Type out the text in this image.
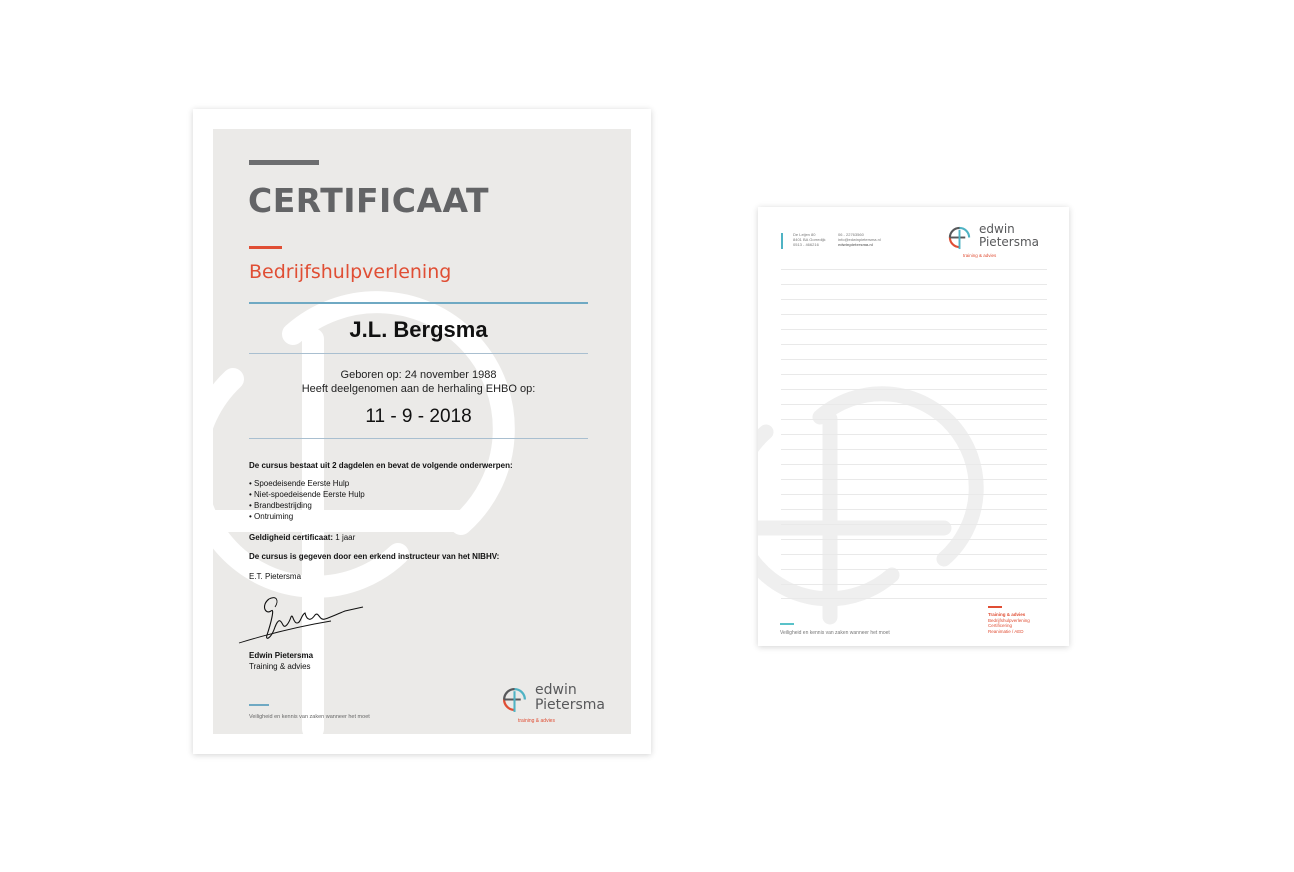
CERTIFICAAT
Bedrijfshulpverlening
J.L. Bergsma
Geboren op: 24 november 1988
Heeft deelgenomen aan de herhaling EHBO op:
11 - 9 - 2018
De cursus bestaat uit 2 dagdelen en bevat de volgende onderwerpen:
• Spoedeisende Eerste Hulp
• Niet-spoedeisende Eerste Hulp
• Brandbestrijding
• Ontruiming
Geldigheid certificaat: 1 jaar
De cursus is gegeven door een erkend instructeur van het NIBHV:
E.T. Pietersma
Edwin Pietersma
Training & advies
Veiligheid en kennis van zaken wanneer het moet
edwin
Pietersma
training & advies
De Leijen 80
8401 BA Gorredijk
0513 - 466216
06 - 22763560
info@edwinpietersma.nl
edwinpietersma.nl
edwin
Pietersma
training & advies
Veiligheid en kennis van zaken wanneer het moet
Training & advies
Bedrijfshulpverlening
Certificering
Reanimatie / AED
